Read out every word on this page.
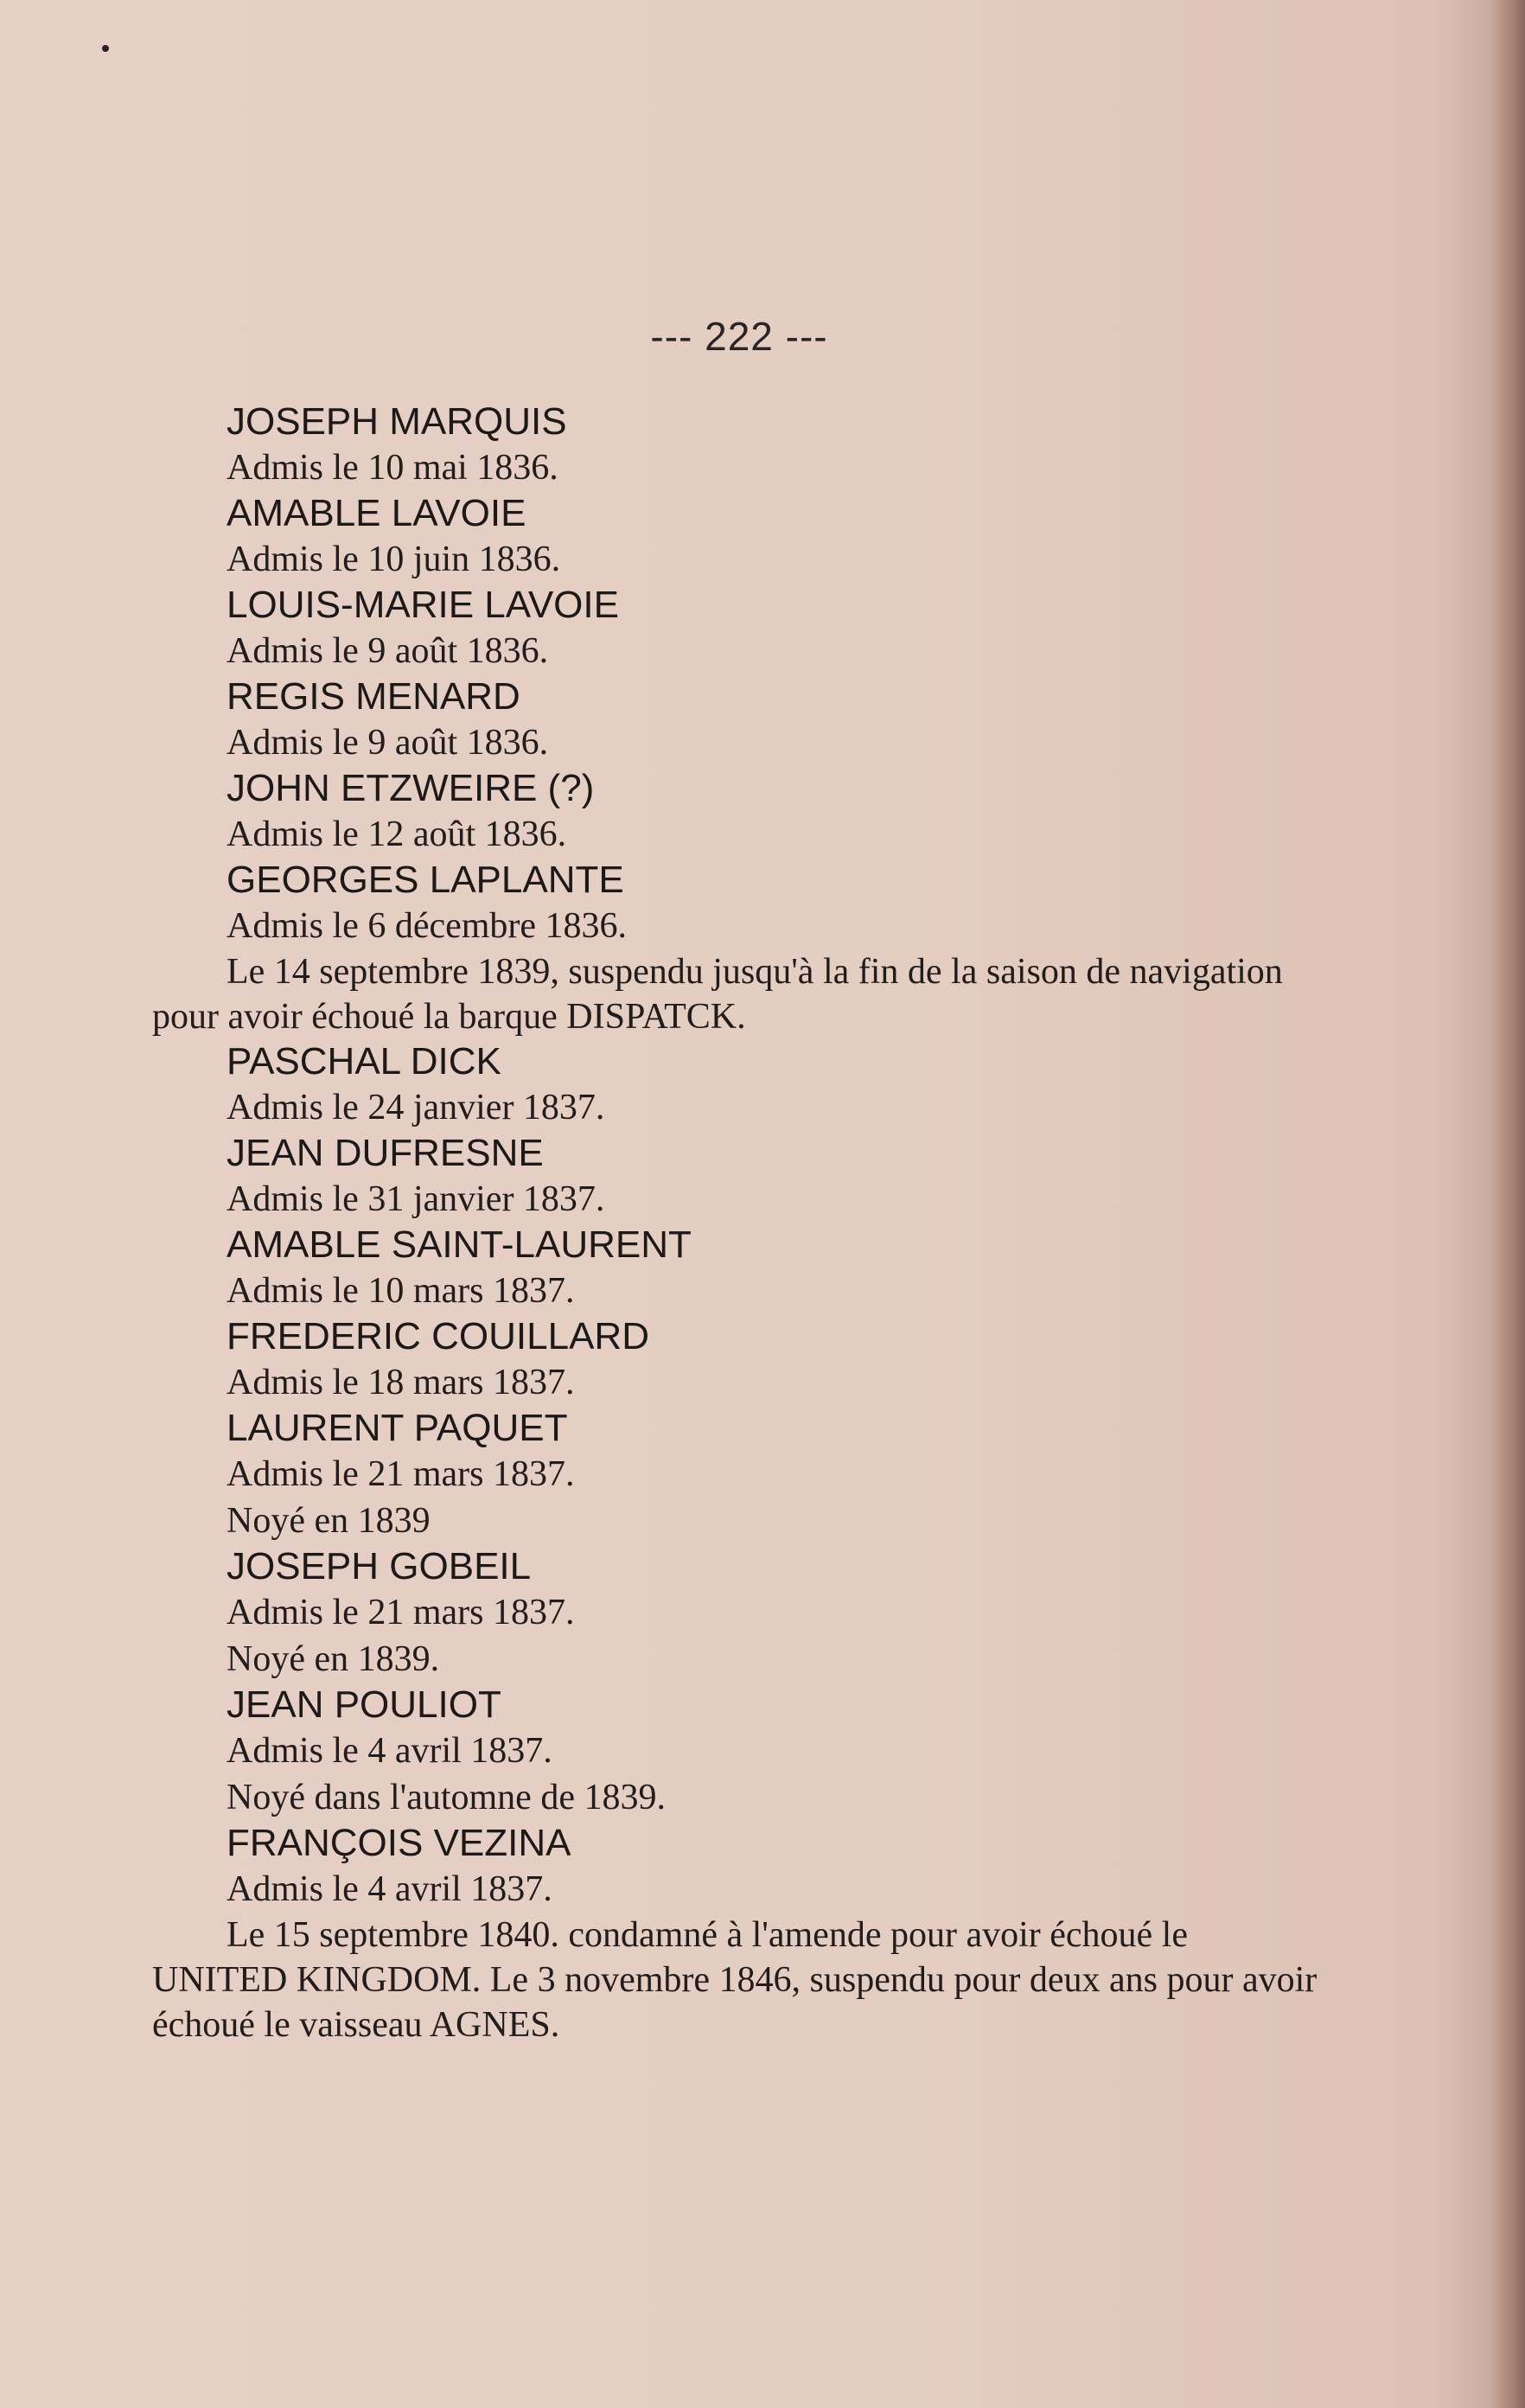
--- 222 ---
JOSEPH MARQUIS
Admis le 10 mai 1836.
AMABLE LAVOIE
Admis le 10 juin 1836.
LOUIS-MARIE LAVOIE
Admis le 9 août 1836.
REGIS MENARD
Admis le 9 août 1836.
JOHN ETZWEIRE (?)
Admis le 12 août 1836.
GEORGES LAPLANTE
Admis le 6 décembre 1836.
Le 14 septembre 1839, suspendu jusqu'à la fin de la saison de navigation pour avoir échoué la barque DISPATCK.
PASCHAL DICK
Admis le 24 janvier 1837.
JEAN DUFRESNE
Admis le 31 janvier 1837.
AMABLE SAINT-LAURENT
Admis le 10 mars 1837.
FREDERIC COUILLARD
Admis le 18 mars 1837.
LAURENT PAQUET
Admis le 21 mars 1837.
Noyé en 1839
JOSEPH GOBEIL
Admis le 21 mars 1837.
Noyé en 1839.
JEAN POULIOT
Admis le 4 avril 1837.
Noyé dans l'automne de 1839.
FRANÇOIS VEZINA
Admis le 4 avril 1837.
Le 15 septembre 1840. condamné à l'amende pour avoir échoué le UNITED KINGDOM. Le 3 novembre 1846, suspendu pour deux ans pour avoir échoué le vaisseau AGNES.
